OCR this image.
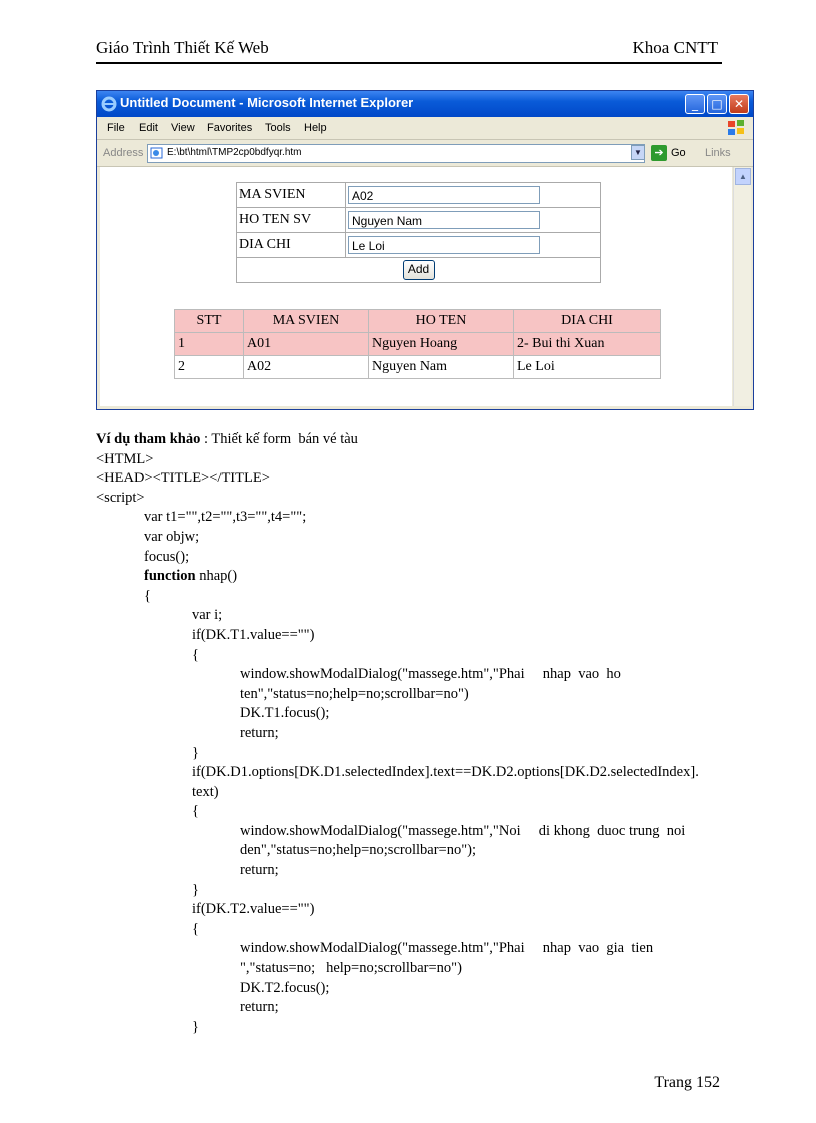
Giáo Trình Thiết Kế Web	Khoa CNTT
Untitled Document - Microsoft Internet Explorer	_	□ ✕
File Edit View Favorites Tools Help
Address E:\bt\html\TMP2cp0bdfyqr.htm	▼	➔ Go Links
MA SVIEN	A02

HO TEN SV	Nguyen Nam

DIA CHI	Le Loi

Add	
STT	MA SVIEN	HO TEN	DIA CHI
1	A01	Nguyen Hoang	2- Bui thi Xuan
2	A02	Nguyen Nam	Le Loi
▲
Ví dụ tham khảo : Thiết kế form  bán vé tàu
<HTML>
<HEAD><TITLE></TITLE>
<script>
var t1="",t2="",t3="",t4="";
var objw;
focus();
function nhap()
{
var i;
if(DK.T1.value=="")
{
window.showModalDialog("massege.htm","Phai     nhap  vao  ho
ten","status=no;help=no;scrollbar=no")
DK.T1.focus();
return;
}
if(DK.D1.options[DK.D1.selectedIndex].text==DK.D2.options[DK.D2.selectedIndex].
text)
{
window.showModalDialog("massege.htm","Noi     di khong  duoc trung  noi
den","status=no;help=no;scrollbar=no");
return;
}
if(DK.T2.value=="")
{
window.showModalDialog("massege.htm","Phai     nhap  vao  gia  tien
","status=no;   help=no;scrollbar=no")
DK.T2.focus();
return;
}
Trang 152
